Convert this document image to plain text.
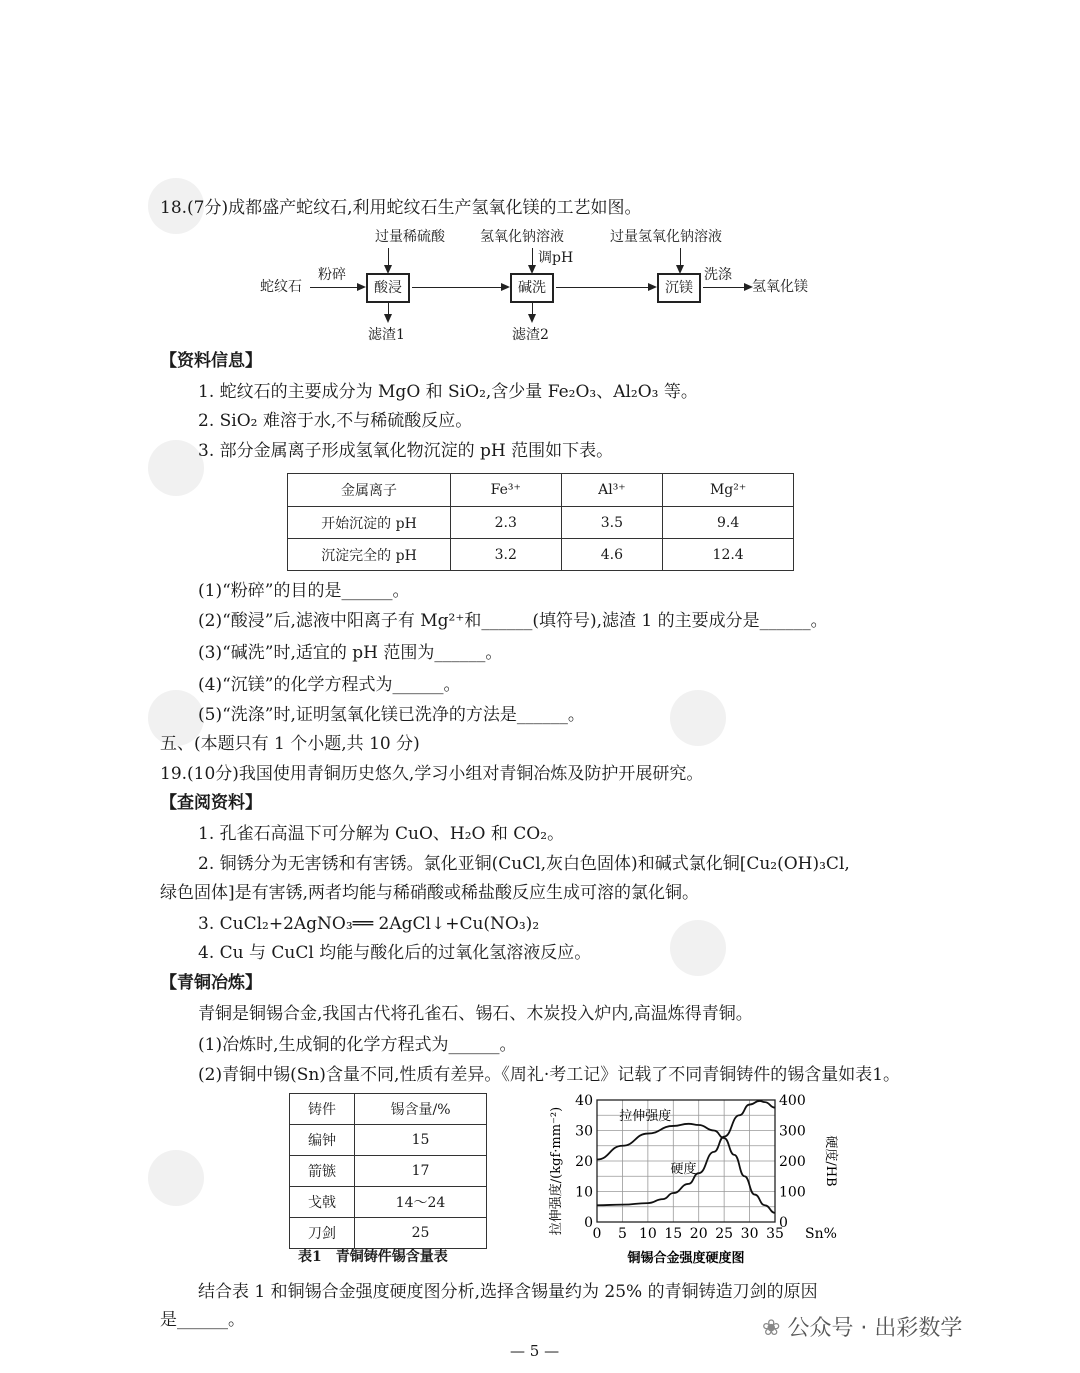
18.(7分)成都盛产蛇纹石,利用蛇纹石生产氢氧化镁的工艺如图。
过量稀硫酸	氢氧化钠溶液	过量氢氧化钠溶液
调pH
蛇纹石
粉碎	洗涤
氢氧化镁
酸浸	碱洗	沉镁
滤渣1	滤渣2
【资料信息】
1. 蛇纹石的主要成分为 MgO 和 SiO₂,含少量 Fe₂O₃、Al₂O₃ 等。
2. SiO₂ 难溶于水,不与稀硫酸反应。
3. 部分金属离子形成氢氧化物沉淀的 pH 范围如下表。
金属离子	Fe³⁺	Al³⁺	Mg²⁺
开始沉淀的 pH	2.3	3.5	9.4
沉淀完全的 pH	3.2	4.6	12.4
(1)“粉碎”的目的是______。
(2)“酸浸”后,滤液中阳离子有 Mg²⁺和______(填符号),滤渣 1 的主要成分是______。
(3)“碱洗”时,适宜的 pH 范围为______。
(4)“沉镁”的化学方程式为______。
(5)“洗涤”时,证明氢氧化镁已洗净的方法是______。
五、(本题只有 1 个小题,共 10 分)
19.(10分)我国使用青铜历史悠久,学习小组对青铜冶炼及防护开展研究。
【查阅资料】
1. 孔雀石高温下可分解为 CuO、H₂O 和 CO₂。
2. 铜锈分为无害锈和有害锈。氯化亚铜(CuCl,灰白色固体)和碱式氯化铜[Cu₂(OH)₃Cl,
绿色固体]是有害锈,两者均能与稀硝酸或稀盐酸反应生成可溶的氯化铜。
3. CuCl₂+2AgNO₃══ 2AgCl↓+Cu(NO₃)₂
4. Cu 与 CuCl 均能与酸化后的过氧化氢溶液反应。
【青铜冶炼】
青铜是铜锡合金,我国古代将孔雀石、锡石、木炭投入炉内,高温炼得青铜。
(1)冶炼时,生成铜的化学方程式为______。
(2)青铜中锡(Sn)含量不同,性质有差异。《周礼·考工记》记载了不同青铜铸件的锡含量如表1。
铸件	锡含量/%
编钟	15
箭镞	17
戈戟	14～24
刀剑	25
表1　青铜铸件锡含量表
0 5 10 15 20 25 30 35
0
10
20
30
40
0
100
200
300
400
Sn%
拉伸强度/(kgf·mm⁻²)	硬度/HB
铜锡合金强度硬度图
拉伸强度
硬度
结合表 1 和铜锡合金强度硬度图分析,选择含锡量约为 25% 的青铜铸造刀剑的原因
是______。
— 5 —
❀ 公众号 · 出彩数学
